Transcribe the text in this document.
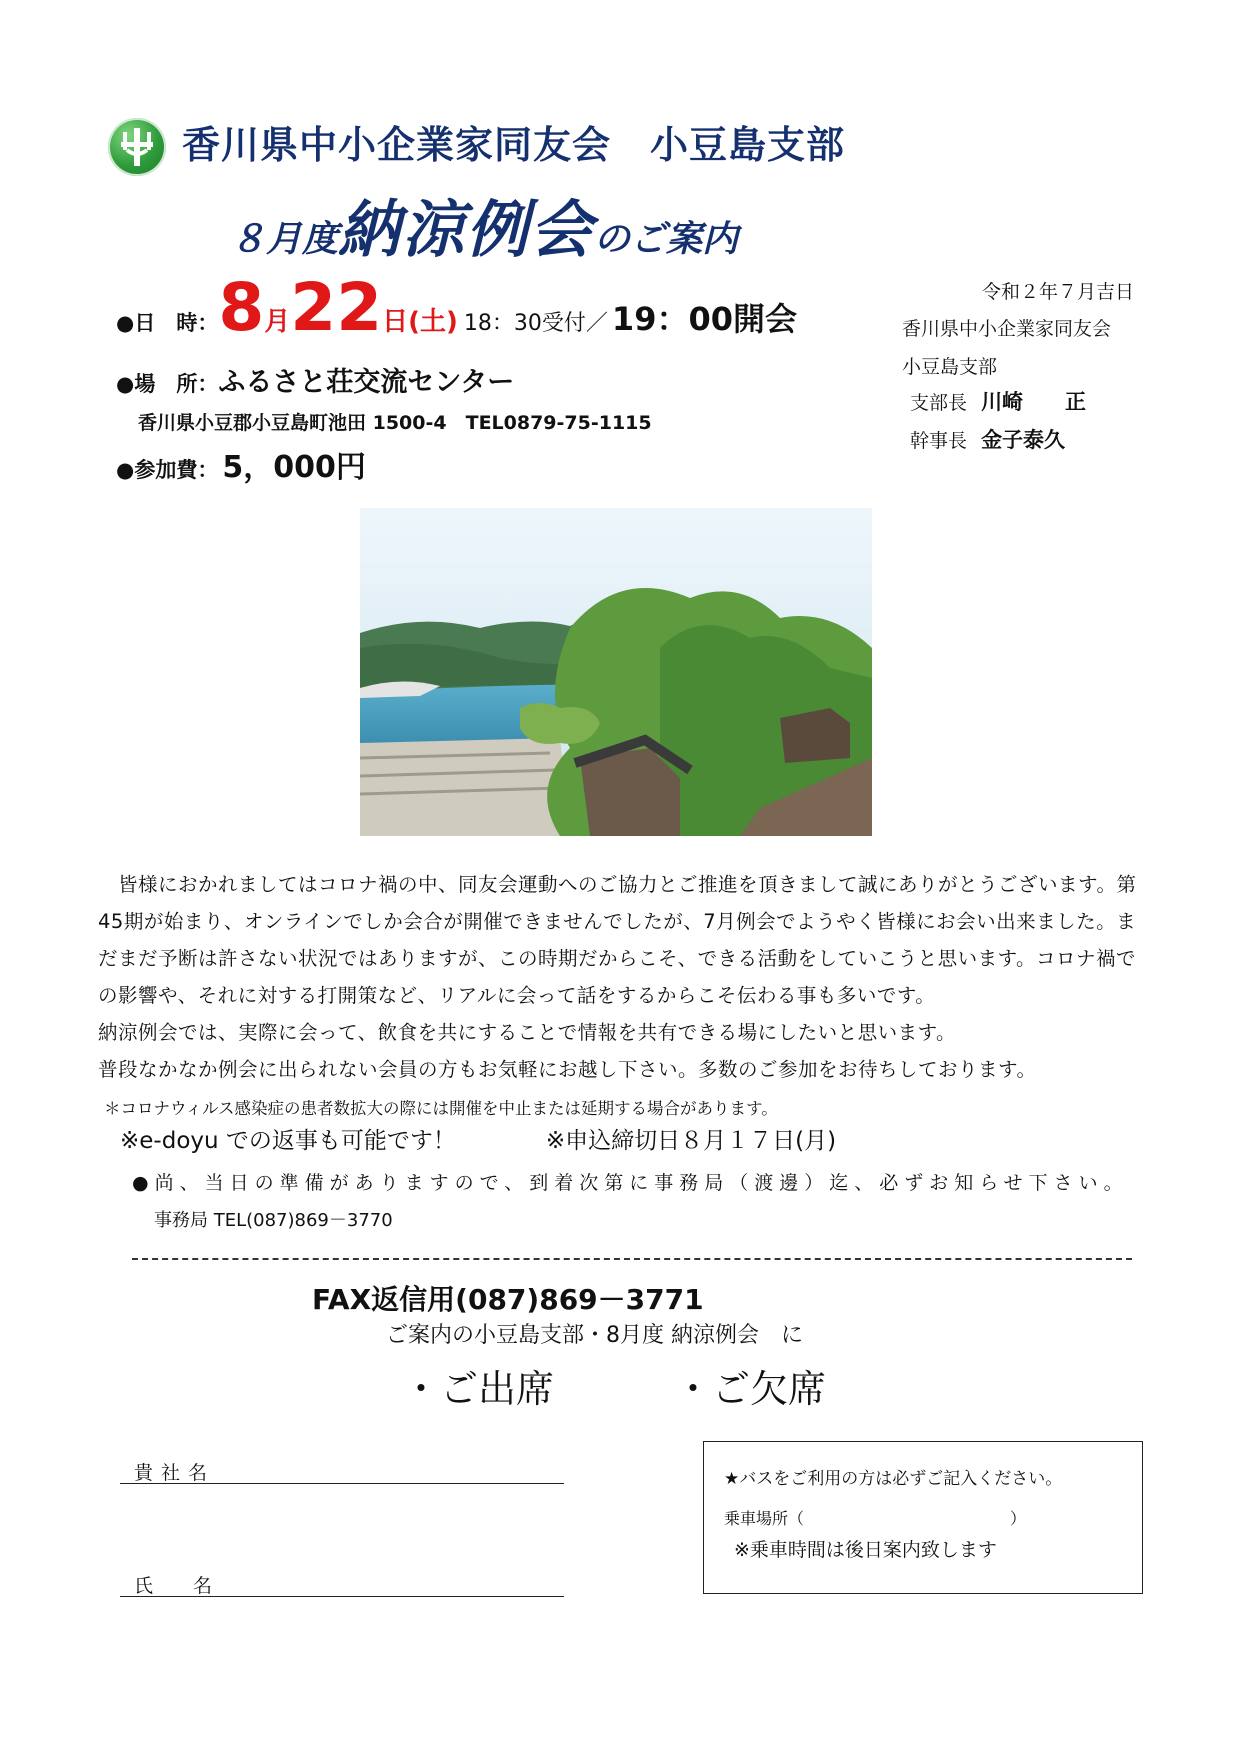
香川県中小企業家同友会　小豆島支部
８月度納涼例会のご案内
令和２年７月吉日
香川県中小企業家同友会
小豆島支部
支部長 川崎　　正
幹事長 金子泰久
●日　時： 8 月 22 日(土) 18：30受付／ 19：00開会
●場　所： ふるさと荘交流センター
香川県小豆郡小豆島町池田 1500-4　TEL0879-75-1115
●参加費： 5，000円

　皆様におかれましてはコロナ禍の中、同友会運動へのご協力とご推進を頂きまして誠にありがとうございます。第45期が始まり、オンラインでしか会合が開催できませんでしたが、7月例会でようやく皆様にお会い出来ました。まだまだ予断は許さない状況ではありますが、この時期だからこそ、できる活動をしていこうと思います。コロナ禍での影響や、それに対する打開策など、リアルに会って話をするからこそ伝わる事も多いです。

納涼例会では、実際に会って、飲食を共にすることで情報を共有できる場にしたいと思います。

普段なかなか例会に出られない会員の方もお気軽にお越し下さい。多数のご参加をお待ちしております。

＊コロナウィルス感染症の患者数拡大の際には開催を中止または延期する場合があります。
※e-doyu での返事も可能です！	※申込締切日８月１７日(月)
●尚、当日の準備がありますので、到着次第に事務局（渡邊）迄、必ずお知らせ下さい。
事務局 TEL(087)869－3770
FAX返信用(087)869－3771
ご案内の小豆島支部・8月度 納涼例会　に
・ご出席	・ご欠席
貴社名
氏 名
★バスをご利用の方は必ずご記入ください。
乗車場所（	）
※乗車時間は後日案内致します
